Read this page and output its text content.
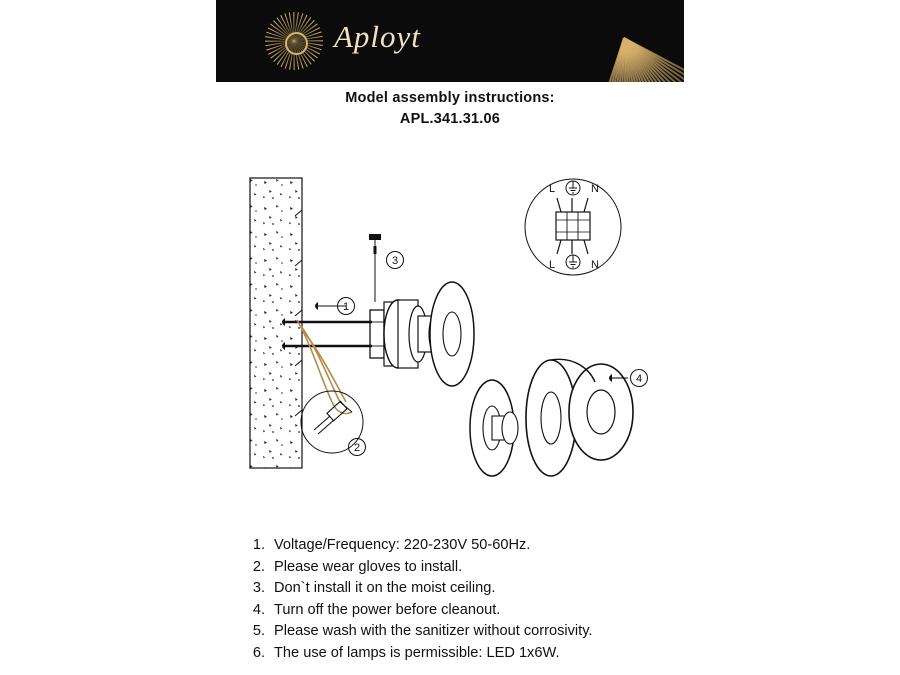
Aployt
Model assembly instructions:
APL.341.31.06
1
3
2
L	N
L	N
4
1. Voltage/Frequency: 220-230V 50-60Hz.
2. Please wear gloves to install.
3. Don`t install it on the moist ceiling.
4. Turn off the power before cleanout.
5. Please wash with the sanitizer without corrosivity.
6. The use of lamps is permissible: LED 1x6W.
